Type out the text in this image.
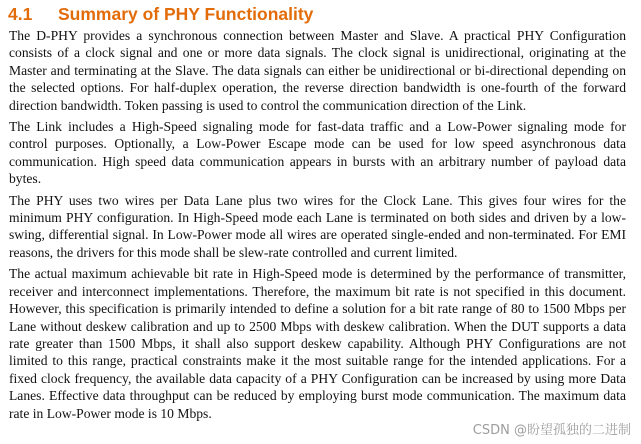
4.1 Summary of PHY Functionality

The D-PHY provides a synchronous connection between Master and Slave. A practical PHY Configuration consists of a clock signal and one or more data signals. The clock signal is unidirectional, originating at the Master and terminating at the Slave. The data signals can either be unidirectional or bi-directional depending on the selected options. For half-duplex operation, the reverse direction bandwidth is one-fourth of the forward direction bandwidth. Token passing is used to control the communication direction of the Link.

The Link includes a High-Speed signaling mode for fast-data traffic and a Low-Power signaling mode for control purposes. Optionally, a Low-Power Escape mode can be used for low speed asynchronous data communication. High speed data communication appears in bursts with an arbitrary number of payload data bytes.

The PHY uses two wires per Data Lane plus two wires for the Clock Lane. This gives four wires for the minimum PHY configuration. In High-Speed mode each Lane is terminated on both sides and driven by a low-swing, differential signal. In Low-Power mode all wires are operated single-ended and non-terminated. For EMI reasons, the drivers for this mode shall be slew-rate controlled and current limited.

The actual maximum achievable bit rate in High-Speed mode is determined by the performance of transmitter, receiver and interconnect implementations. Therefore, the maximum bit rate is not specified in this document. However, this specification is primarily intended to define a solution for a bit rate range of 80 to 1500 Mbps per Lane without deskew calibration and up to 2500 Mbps with deskew calibration. When the DUT supports a data rate greater than 1500 Mbps, it shall also support deskew capability. Although PHY Configurations are not limited to this range, practical constraints make it the most suitable range for the intended applications. For a fixed clock frequency, the available data capacity of a PHY Configuration can be increased by using more Data Lanes. Effective data throughput can be reduced by employing burst mode communication. The maximum data rate in Low-Power mode is 10 Mbps.

CSDN @盼望孤独的二进制
